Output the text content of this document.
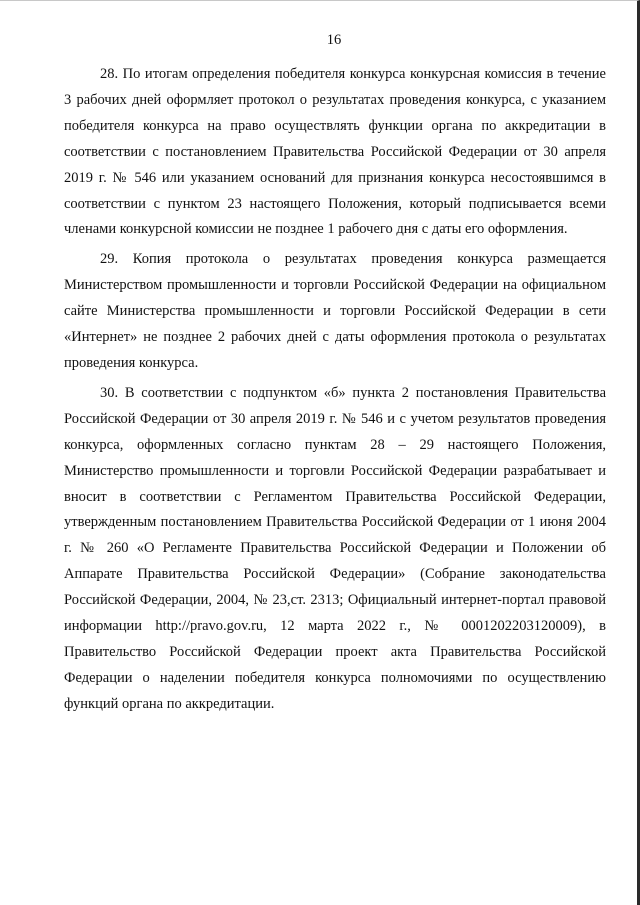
16

28. По итогам определения победителя конкурса конкурсная комиссия в течение 3 рабочих дней оформляет протокол о результатах проведения конкурса, с указанием победителя конкурса на право осуществлять функции органа по аккредитации в соответствии с постановлением Правительства Российской Федерации от 30 апреля 2019 г. № 546 или указанием оснований для признания конкурса несостоявшимся в соответствии с пунктом 23 настоящего Положения, который подписывается всеми членами конкурсной комиссии не позднее 1 рабочего дня с даты его оформления.

29. Копия протокола о результатах проведения конкурса размещается Министерством промышленности и торговли Российской Федерации на официальном сайте Министерства промышленности и торговли Российской Федерации в сети «Интернет» не позднее 2 рабочих дней с даты оформления протокола о результатах проведения конкурса.

30. В соответствии с подпунктом «б» пункта 2 постановления Правительства Российской Федерации от 30 апреля 2019 г. № 546 и с учетом результатов проведения конкурса, оформленных согласно пунктам 28 – 29 настоящего Положения, Министерство промышленности и торговли Российской Федерации разрабатывает и вносит в соответствии с Регламентом Правительства Российской Федерации, утвержденным постановлением Правительства Российской Федерации от 1 июня 2004 г. № 260 «О Регламенте Правительства Российской Федерации и Положении об Аппарате Правительства Российской Федерации» (Собрание законодательства Российской Федерации, 2004, № 23,ст. 2313; Официальный интернет-портал правовой информации http://pravo.gov.ru, 12 марта 2022 г., № 0001202203120009), в Правительство Российской Федерации проект акта Правительства Российской Федерации о наделении победителя конкурса полномочиями по осуществлению функций органа по аккредитации.
